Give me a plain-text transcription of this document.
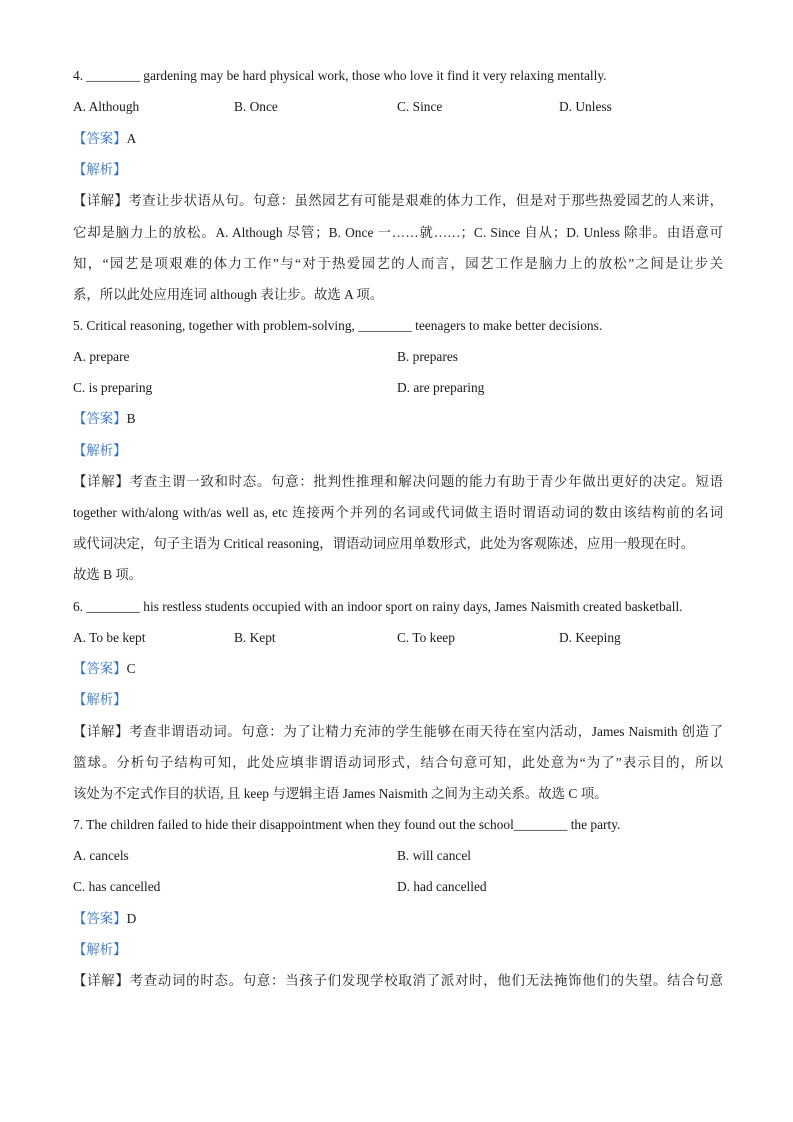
4. ________ gardening may be hard physical work, those who love it find it very relaxing mentally.
A. Although	B. Once	C. Since	D. Unless
【答案】A
【解析】
【详解】考查让步状语从句。句意：虽然园艺有可能是艰难的体力工作，但是对于那些热爱园艺的人来讲，
它却是脑力上的放松。A. Although 尽管；B. Once 一……就……；C. Since 自从；D. Unless 除非。由语意可
知，“园艺是项艰难的体力工作”与“对于热爱园艺的人而言，园艺工作是脑力上的放松”之间是让步关
系，所以此处应用连词 although 表让步。故选 A 项。
5. Critical reasoning, together with problem-solving, ________ teenagers to make better decisions.
A. prepare	B. prepares
C. is preparing	D. are preparing
【答案】B
【解析】
【详解】考查主谓一致和时态。句意：批判性推理和解决问题的能力有助于青少年做出更好的决定。短语
together with/along with/as well as, etc 连接两个并列的名词或代词做主语时谓语动词的数由该结构前的名词
或代词决定，句子主语为 Critical reasoning，谓语动词应用单数形式，此处为客观陈述，应用一般现在时。
故选 B 项。
6. ________ his restless students occupied with an indoor sport on rainy days, James Naismith created basketball.
A. To be kept	B. Kept	C. To keep	D. Keeping
【答案】C
【解析】
【详解】考查非谓语动词。句意：为了让精力充沛的学生能够在雨天待在室内活动，James Naismith 创造了
篮球。分析句子结构可知，此处应填非谓语动词形式，结合句意可知，此处意为“为了”表示目的，所以
该处为不定式作目的状语, 且 keep 与逻辑主语 James Naismith 之间为主动关系。故选 C 项。
7. The children failed to hide their disappointment when they found out the school________ the party.
A. cancels	B. will cancel
C. has cancelled	D. had cancelled
【答案】D
【解析】
【详解】考查动词的时态。句意：当孩子们发现学校取消了派对时，他们无法掩饰他们的失望。结合句意
